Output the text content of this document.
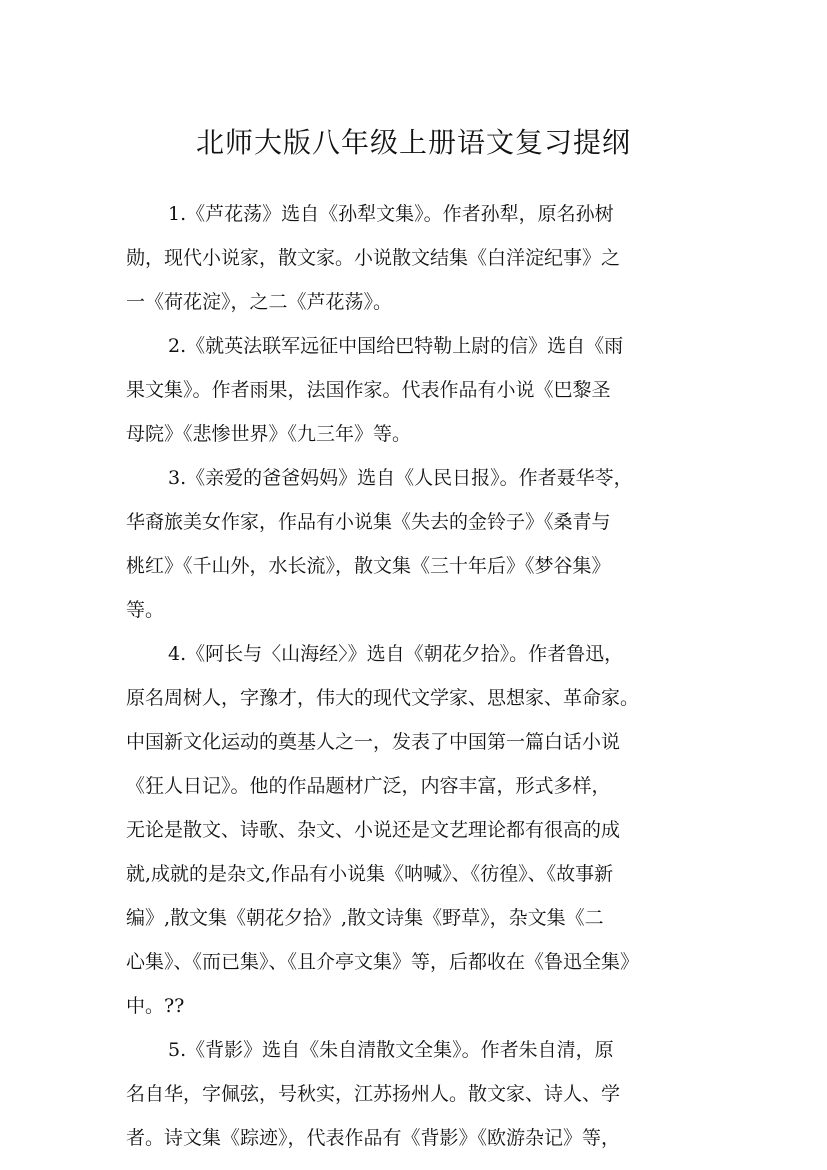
北师大版八年级上册语文复习提纲
1.《芦花荡》选自《孙犁文集》。作者孙犁，原名孙树
勋，现代小说家，散文家。小说散文结集《白洋淀纪事》之
一《荷花淀》，之二《芦花荡》。
2.《就英法联军远征中国给巴特勒上尉的信》选自《雨
果文集》。作者雨果，法国作家。代表作品有小说《巴黎圣
母院》《悲惨世界》《九三年》等。
3.《亲爱的爸爸妈妈》选自《人民日报》。作者聂华苓，
华裔旅美女作家，作品有小说集《失去的金铃子》《桑青与
桃红》《千山外，水长流》，散文集《三十年后》《梦谷集》
等。
4.《阿长与〈山海经〉》选自《朝花夕拾》。作者鲁迅，
原名周树人，字豫才，伟大的现代文学家、思想家、革命家。
中国新文化运动的奠基人之一，发表了中国第一篇白话小说
《狂人日记》。他的作品题材广泛，内容丰富，形式多样，
无论是散文、诗歌、杂文、小说还是文艺理论都有很高的成
就,成就的是杂文,作品有小说集《呐喊》、《彷徨》、《故事新
编》,散文集《朝花夕拾》,散文诗集《野草》，杂文集《二
心集》、《而已集》、《且介亭文集》等，后都收在《鲁迅全集》
中。??
5.《背影》选自《朱自清散文全集》。作者朱自清，原
名自华，字佩弦，号秋实，江苏扬州人。散文家、诗人、学
者。诗文集《踪迹》，代表作品有《背影》《欧游杂记》等，
